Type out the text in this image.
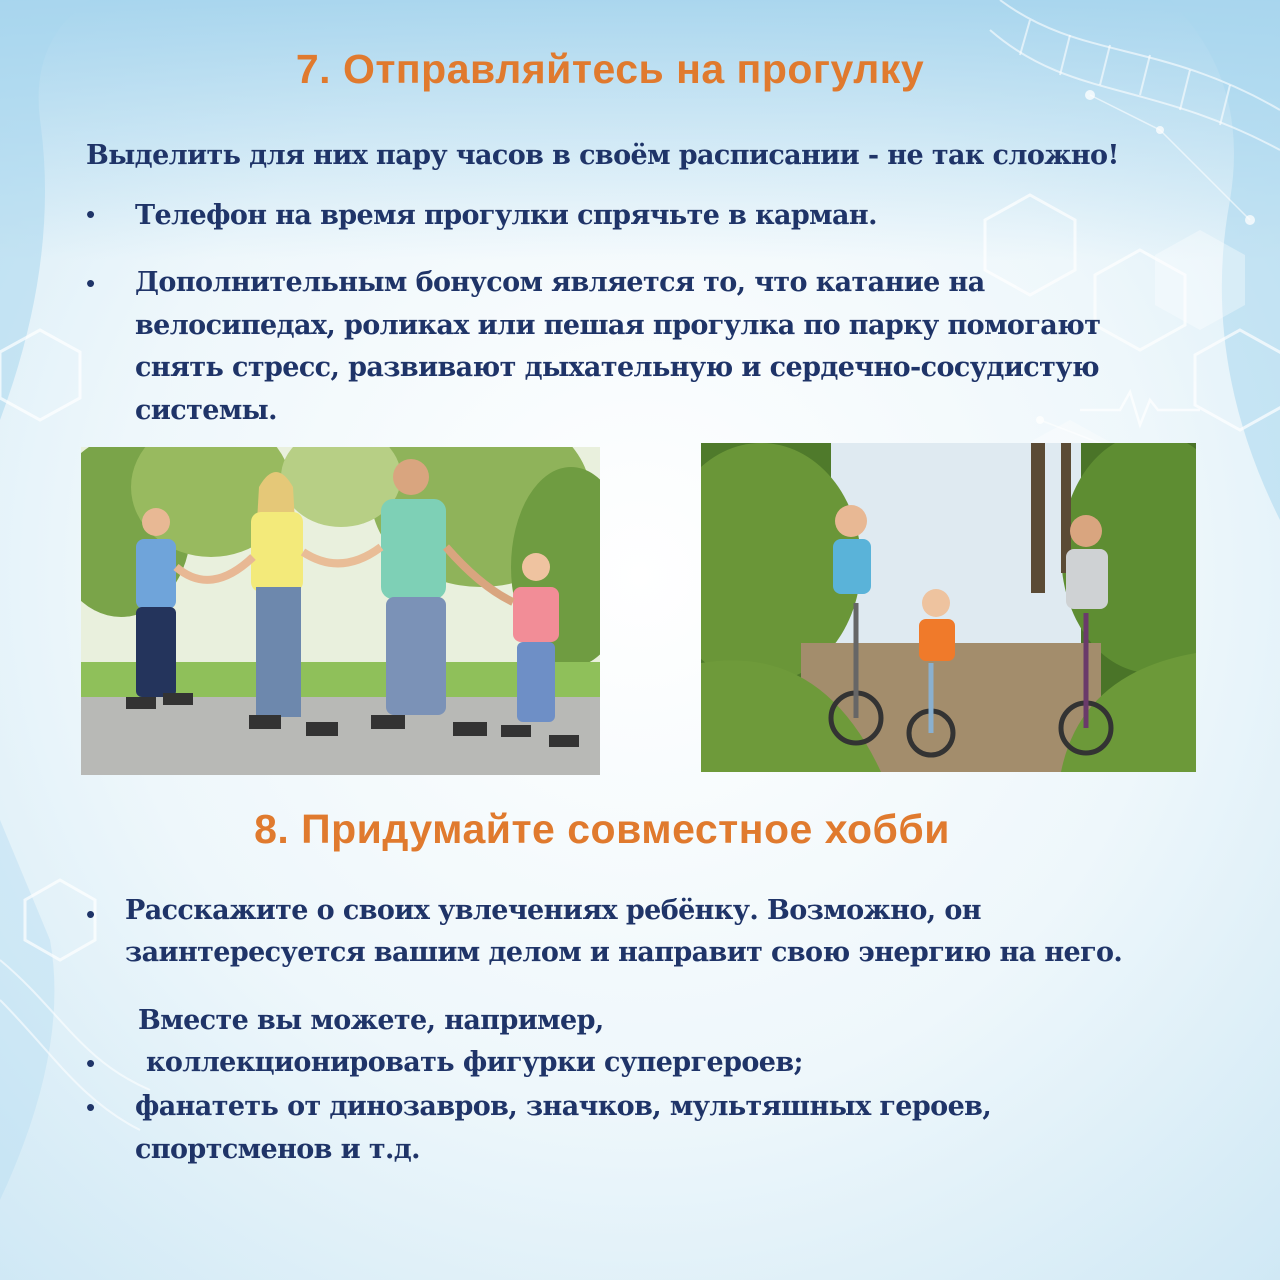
7. Отправляйтесь на прогулку
Выделить для них пару часов в своём расписании - не так сложно!
• Телефон на время прогулки спрячьте в карман.
• Дополнительным бонусом является то, что катание на
велосипедах, роликах или пешая прогулка по парку помогают
снять стресс, развивают дыхательную и сердечно-сосудистую
системы.
8. Придумайте совместное хобби
• Расскажите о своих увлечениях ребёнку. Возможно, он
заинтересуется вашим делом и направит свою энергию на него.
Вместе вы можете, например,
• коллекционировать фигурки супергероев;
• фанатеть от динозавров, значков, мультяшных героев,
спортсменов и т.д.
